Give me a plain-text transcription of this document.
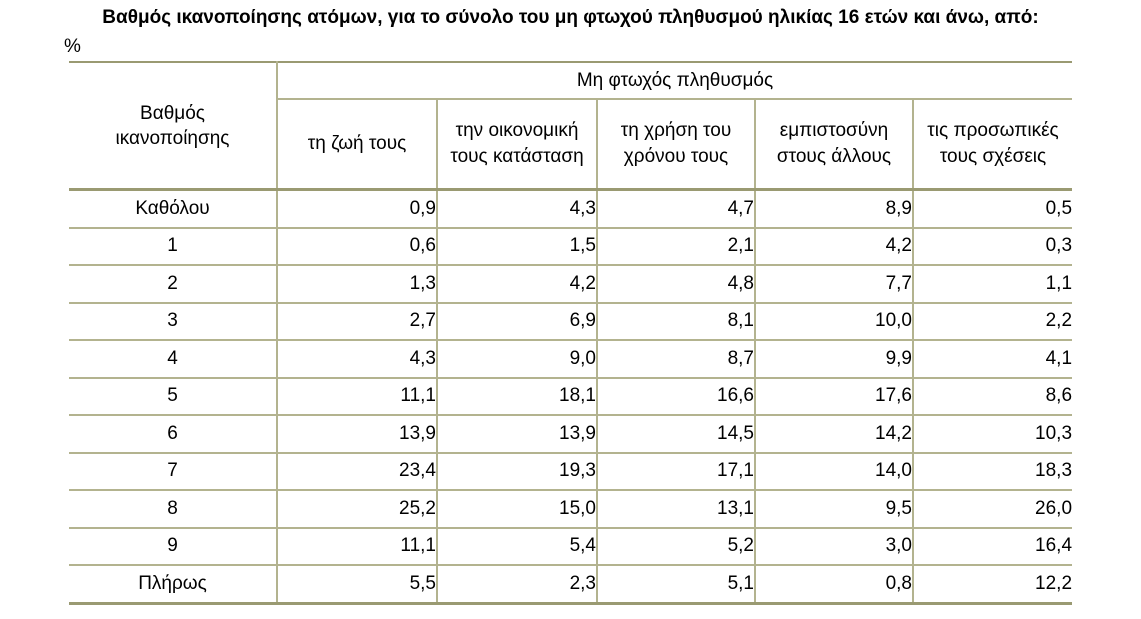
Βαθμός ικανοποίησης ατόμων, για το σύνολο του μη φτωχού πληθυσμού ηλικίας 16 ετών και άνω, από:
%
Βαθμός ικανοποίησης	Μη φτωχός πληθυσμός				
	τη ζωή τους	την οικονομική τους κατάσταση	τη χρήση του χρόνου τους	εμπιστοσύνη στους άλλους	τις προσωπικές τους σχέσεις
Καθόλου	0,9	4,3	4,7	8,9	0,5
1	0,6	1,5	2,1	4,2	0,3
2	1,3	4,2	4,8	7,7	1,1
3	2,7	6,9	8,1	10,0	2,2
4	4,3	9,0	8,7	9,9	4,1
5	11,1	18,1	16,6	17,6	8,6
6	13,9	13,9	14,5	14,2	10,3
7	23,4	19,3	17,1	14,0	18,3
8	25,2	15,0	13,1	9,5	26,0
9	11,1	5,4	5,2	3,0	16,4
Πλήρως	5,5	2,3	5,1	0,8	12,2
